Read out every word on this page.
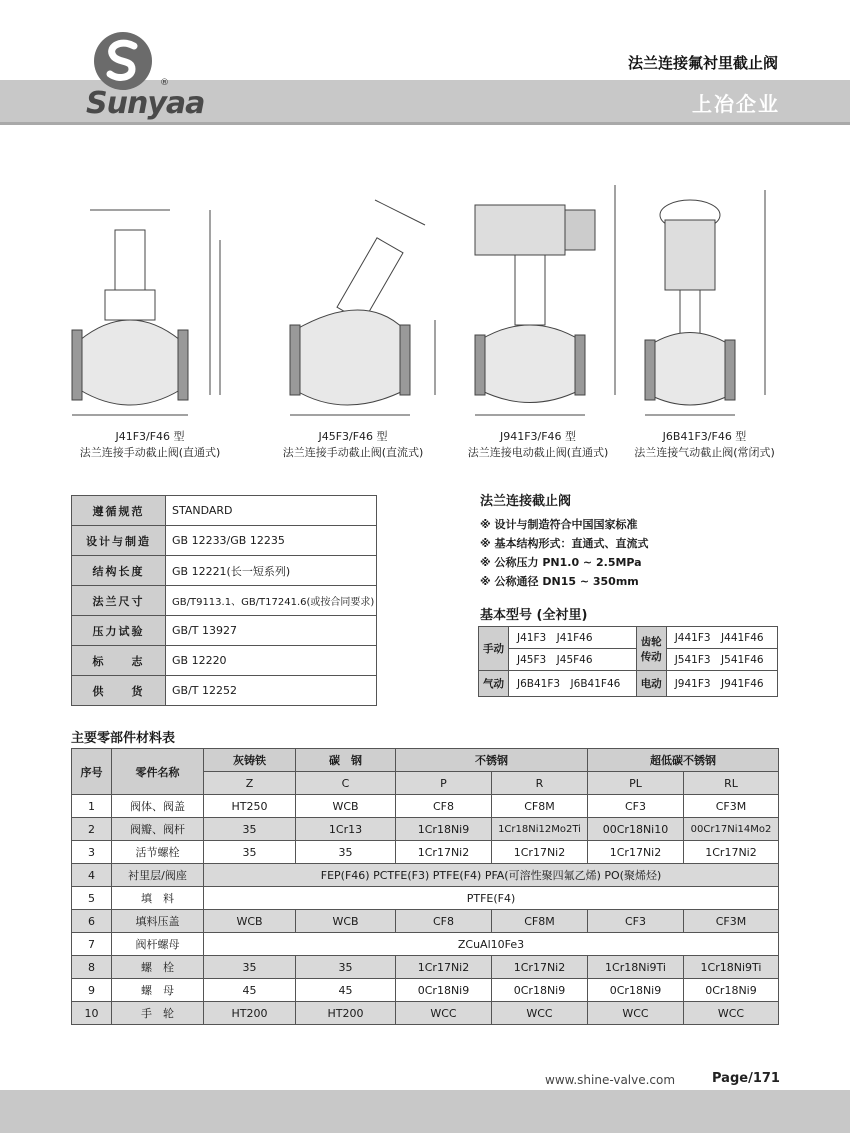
Sunyaa
®
法兰连接氟衬里截止阀
上冶企业
J41F3/F46 型
法兰连接手动截止阀(直通式)
J45F3/F46 型
法兰连接手动截止阀(直流式)
J941F3/F46 型
法兰连接电动截止阀(直通式)
J6B41F3/F46 型
法兰连接气动截止阀(常闭式)
遵循规范	STANDARD
设计与制造	GB 12233/GB 12235
结构长度	GB 12221(长一短系列)
法兰尺寸	GB/T9113.1、GB/T17241.6(或按合同要求)
压力试验	GB/T 13927
标　　志	GB 12220
供　　货	GB/T 12252
法兰连接截止阀
※ 设计与制造符合中国国家标准
※ 基本结构形式：直通式、直流式
※ 公称压力 PN1.0 ~ 2.5MPa
※ 公称通径 DN15 ~ 350mm
基本型号 (全衬里)
手动	J41F3　J41F46	齿轮传动	J441F3　J441F46
	J45F3　J45F46		J541F3　J541F46
气动	J6B41F3　J6B41F46	电动	J941F3　J941F46
主要零部件材料表
序号	零件名称	灰铸铁	碳　钢	不锈钢		超低碳不锈钢	
		Z	C	P	R	PL	RL
1	阀体、阀盖	HT250	WCB	CF8	CF8M	CF3	CF3M
2	阀瓣、阀杆	35	1Cr13	1Cr18Ni9	1Cr18Ni12Mo2Ti	00Cr18Ni10	00Cr17Ni14Mo2
3	活节螺栓	35	35	1Cr17Ni2	1Cr17Ni2	1Cr17Ni2	1Cr17Ni2
4	衬里层/阀座	FEP(F46) PCTFE(F3) PTFE(F4) PFA(可溶性聚四氟乙烯) PO(聚烯烃)					
5	填　料	PTFE(F4)					
6	填料压盖	WCB	WCB	CF8	CF8M	CF3	CF3M
7	阀杆螺母	ZCuAl10Fe3					
8	螺　栓	35	35	1Cr17Ni2	1Cr17Ni2	1Cr18Ni9Ti	1Cr18Ni9Ti
9	螺　母	45	45	0Cr18Ni9	0Cr18Ni9	0Cr18Ni9	0Cr18Ni9
10	手　轮	HT200	HT200	WCC	WCC	WCC	WCC
www.shine-valve.com	Page/171
